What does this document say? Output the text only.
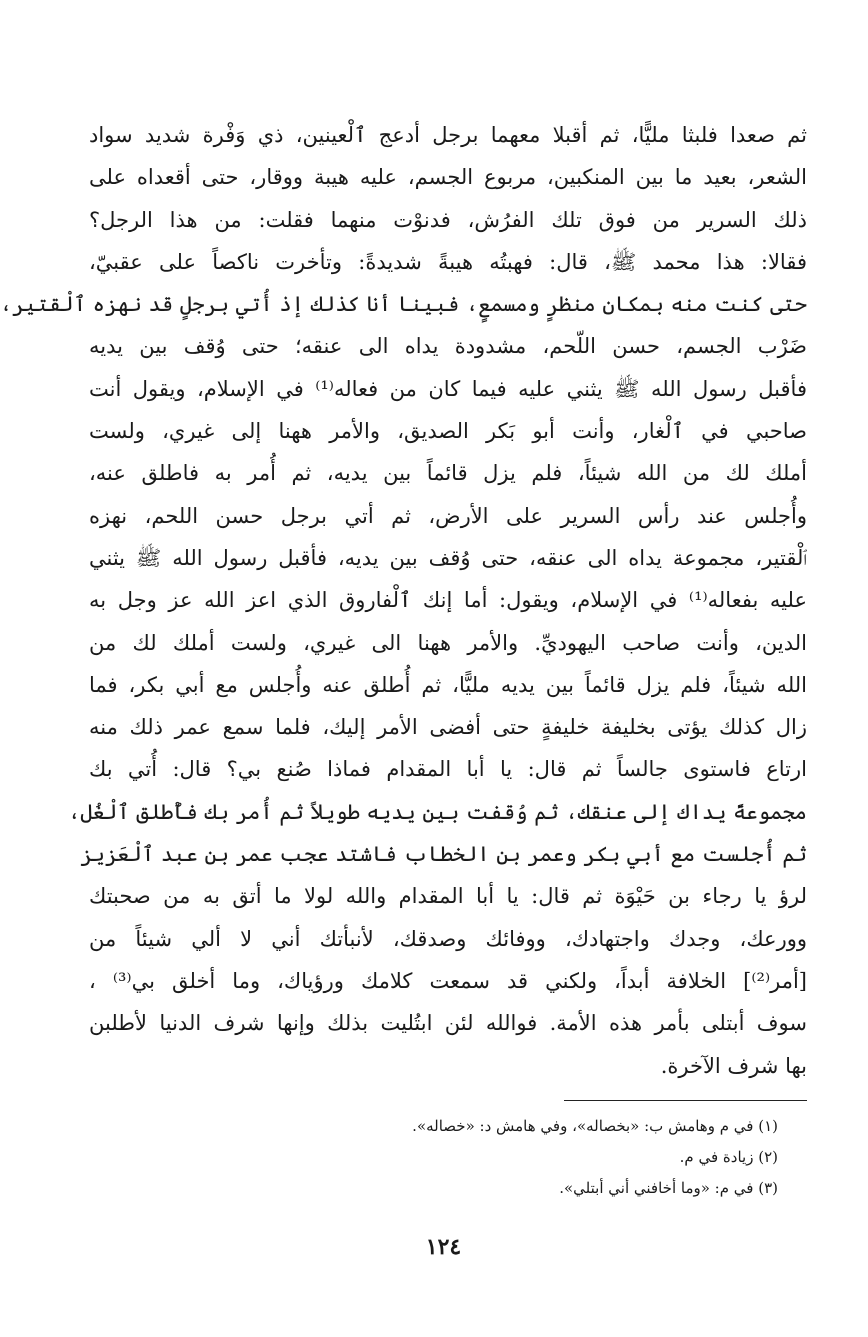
ثم صعدا فلبثا مليًّا، ثم أقبلا معهما برجل أدعج ٱلْعينين، ذي وَفْرة شديد سواد
الشعر، بعيد ما بين المنكبين، مربوع الجسم، عليه هيبة ووقار، حتى أقعداه على
ذلك السرير من فوق تلك الفرُش، فدنوْت منهما فقلت: من هذا الرجل؟
فقالا: هذا محمد ﷺ، قال: فهبتُه هيبةً شديدةً: وتأخرت ناكصاً على عقبيّ،
حتى كنت منه بمكان منظرٍ ومسمعٍ، فبينا أنا كذلك إذ أُتي برجلٍ قد نهزه ٱلْقتير،
ضَرْب الجسم، حسن اللّحم، مشدودة يداه الى عنقه؛ حتى وُقف بين يديه
فأقبل رسول الله ﷺ يثني عليه فيما كان من فعاله⁽¹⁾ في الإسلام، ويقول أنت
صاحبي في ٱلْغار، وأنت أبو بَكر الصديق، والأمر ههنا إلى غيري، ولست
أملك لك من الله شيئاً، فلم يزل قائماً بين يديه، ثم أُمر به فاطلق عنه،
وأُجلس عند رأس السرير على الأرض، ثم أتي برجل حسن اللحم، نهزه
ٱلْقتير، مجموعة يداه الى عنقه، حتى وُقف بين يديه، فأقبل رسول الله ﷺ يثني
عليه بفعاله⁽¹⁾ في الإسلام، ويقول: أما إنك ٱلْفاروق الذي اعز الله عز وجل به
الدين، وأنت صاحب اليهوديِّ. والأمر ههنا الى غيري، ولست أملك لك من
الله شيئاً، فلم يزل قائماً بين يديه مليًّا، ثم أُطلق عنه وأُجلس مع أبي بكر، فما
زال كذلك يؤتى بخليفة خليفةٍ حتى أفضى الأمر إليك، فلما سمع عمر ذلك منه
ارتاع فاستوى جالساً ثم قال: يا أبا المقدام فماذا صُنع بي؟ قال: أُتي بك
مجموعةً يداك إلى عنقك، ثم وُقفت بين يديه طويلاً ثم أُمر بك فأُطلق ٱلْغُل،
ثم أُجلست مع أبي بكر وعمر بن الخطاب فاشتد عجب عمر بن عبد ٱلْعَزيز
لرؤ يا رجاء بن حَيْوَة ثم قال: يا أبا المقدام والله لولا ما أتق به من صحبتك
وورعك، وجدك واجتهادك، ووفائك وصدقك، لأنبأتك أني لا ألي شيئاً من
[أمر⁽²⁾] الخلافة أبداً، ولكني قد سمعت كلامك ورؤياك، وما أخلق بي⁽³⁾ ،
سوف أبتلى بأمر هذه الأمة. فوالله لئن ابتُليت بذلك وإنها شرف الدنيا لأطلبن
بها شرف الآخرة.
(١) في م وهامش ب: «بخصاله»، وفي هامش د: «خصاله».
(٢) زيادة في م.
(٣) في م: «وما أخافني أني أبتلي».
١٢٤
